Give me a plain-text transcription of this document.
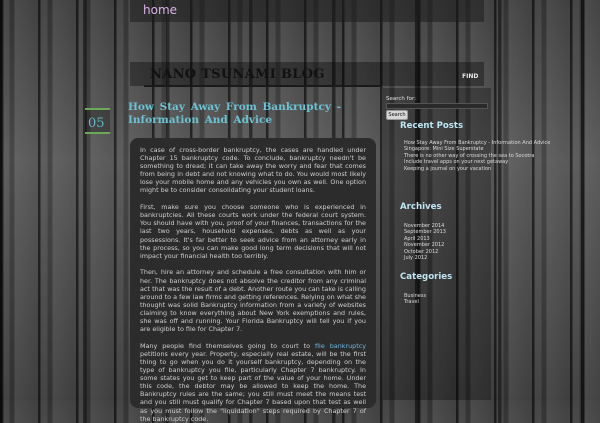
home
NANO TSUNAMI BLOG	FIND
05
How Stay Away From Bankruptcy -
Information And Advice

In case of cross-border bankruptcy, the cases are handled under Chapter 15 bankruptcy code. To conclude, bankruptcy needn't be something to dread; it can take away the worry and fear that comes from being in debt and not knowing what to do. You would most likely lose your mobile home and any vehicles you own as well. One option might be to consider consolidating your student loans.

First, make sure you choose someone who is experienced in bankruptcies. All these courts work under the federal court system. You should have with you, proof of your finances, transactions for the last two years, household expenses, debts as well as your possessions. It's far better to seek advice from an attorney early in the process, so you can make good long term decisions that will not impact your financial health too terribly.

Then, hire an attorney and schedule a free consultation with him or her. The bankruptcy does not absolve the creditor from any criminal act that was the result of a debt. Another route you can take is calling around to a few law firms and getting references. Relying on what she thought was solid Bankruptcy information from a variety of websites claiming to know everything about New York exemptions and rules, she was off and running. Your Florida Bankruptcy will tell you if you are eligible to file for Chapter 7.

Many people find themselves going to court to file bankruptcy petitions every year. Property, especially real estate, will be the first thing to go when you do it yourself bankruptcy, depending on the type of bankruptcy you file, particularly Chapter 7 bankruptcy. In some states you get to keep part of the value of your home. Under this code, the debtor may be allowed to keep the home. The Bankruptcy rules are the same; you still must meet the means test and you still must qualify for Chapter 7 based upon that test as well as you must follow the "liquidation" steps required by Chapter 7 of the bankruptcy code.

Search for:
Search
Recent Posts
How Stay Away From Bankruptcy - Information And Advice
Singapore: Mini Size Superstate
There is no other way of crossing the sea to Socotra
Include travel apps on your next getaway
Keeping a journal on your vacation
Archives
November 2014
September 2013
April 2013
November 2012
October 2012
July 2012
Categories
Business
Travel
